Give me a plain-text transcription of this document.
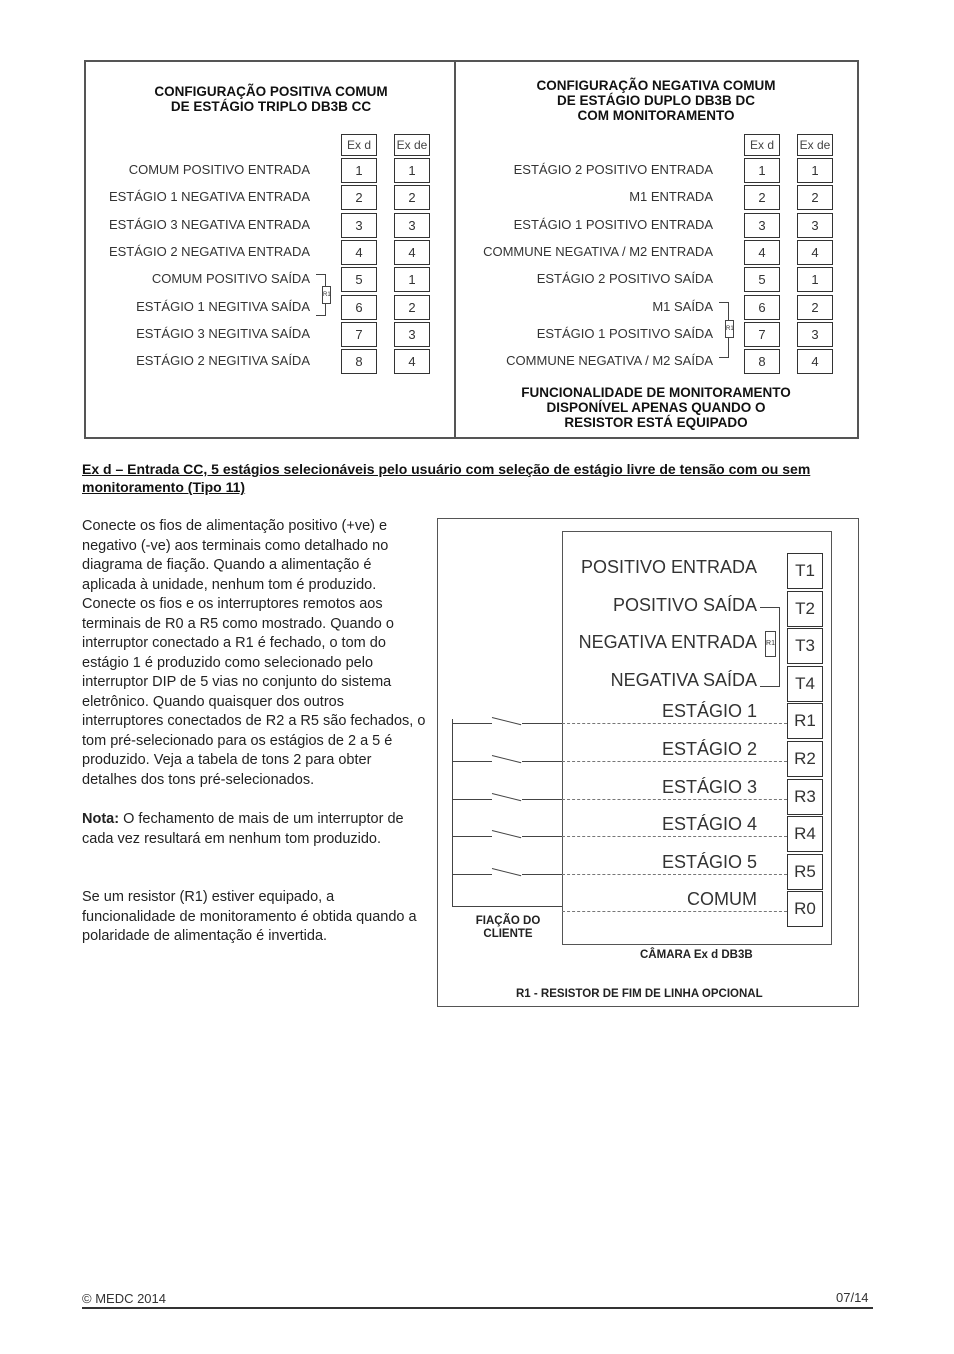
CONFIGURAÇÃO POSITIVA COMUM
DE ESTÁGIO TRIPLO DB3B CC
Ex d	Ex de
COMUM POSITIVO ENTRADA	1	1
ESTÁGIO 1 NEGATIVA ENTRADA	2	2
ESTÁGIO 3 NEGATIVA ENTRADA	3	3
ESTÁGIO 2 NEGATIVA ENTRADA	4	4
COMUM POSITIVO SAÍDA	5	1
ESTÁGIO 1 NEGITIVA SAÍDA	6	2
ESTÁGIO 3 NEGITIVA SAÍDA	7	3
ESTÁGIO 2 NEGITIVA SAÍDA	8	4
R1
CONFIGURAÇÃO NEGATIVA COMUM
DE ESTÁGIO DUPLO DB3B DC
COM MONITORAMENTO
Ex d	Ex de
ESTÁGIO 2 POSITIVO ENTRADA	1	1
M1 ENTRADA	2	2
ESTÁGIO 1 POSITIVO ENTRADA	3	3
COMMUNE NEGATIVA / M2 ENTRADA	4	4
ESTÁGIO 2 POSITIVO SAÍDA	5	1
M1 SAÍDA	6	2
ESTÁGIO 1 POSITIVO SAÍDA	7	3
COMMUNE NEGATIVA / M2 SAÍDA	8	4
R1
FUNCIONALIDADE DE MONITORAMENTO
DISPONÍVEL APENAS QUANDO O
RESISTOR ESTÁ EQUIPADO
Ex d – Entrada CC, 5 estágios selecionáveis pelo usuário com seleção de estágio livre de tensão com ou sem monitoramento (Tipo 11)
Conecte os fios de alimentação positivo (+ve) e negativo (-ve) aos terminais como detalhado no diagrama de fiação. Quando a alimentação é aplicada à unidade, nenhum tom é produzido. Conecte os fios e os interruptores remotos aos terminais de R0 a R5 como mostrado. Quando o interruptor conectado a R1 é fechado, o tom do estágio 1 é produzido como selecionado pelo interruptor DIP de 5 vias no conjunto do sistema eletrônico. Quando quaisquer dos outros interruptores conectados de R2 a R5 são fechados, o tom pré-selecionado para os estágios de 2 a 5 é produzido. Veja a tabela de tons 2 para obter detalhes dos tons pré-selecionados.
Nota: O fechamento de mais de um interruptor de cada vez resultará em nenhum tom produzido.
Se um resistor (R1) estiver equipado, a funcionalidade de monitoramento é obtida quando a polaridade de alimentação é invertida.
POSITIVO ENTRADA	T1
POSITIVO SAÍDA	T2
NEGATIVA ENTRADA	T3
NEGATIVA SAÍDA	T4
ESTÁGIO 1	R1
ESTÁGIO 2	R2
ESTÁGIO 3	R3
ESTÁGIO 4	R4
ESTÁGIO 5	R5
COMUM	R0
R1
FIAÇÃO DO
CLIENTE
CÂMARA Ex d DB3B
R1 - RESISTOR DE FIM DE LINHA OPCIONAL
© MEDC 2014	07/14
